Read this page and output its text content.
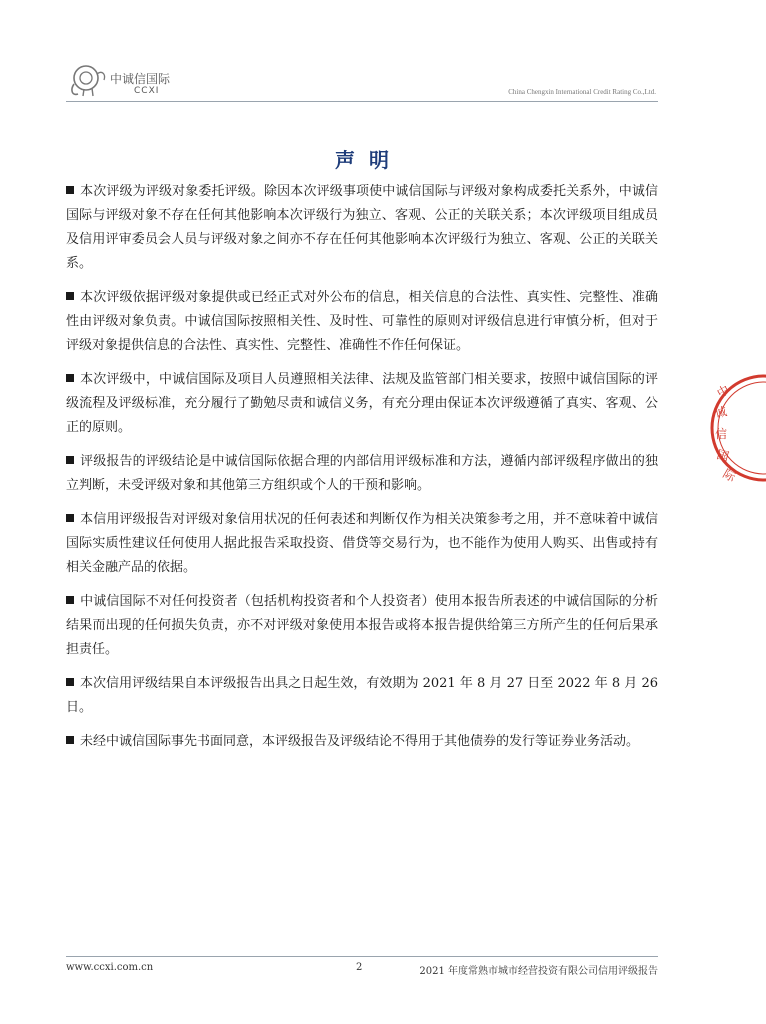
中诚信国际
CCXI	China Chengxin International Credit Rating Co.,Ltd.
声明

本次评级为评级对象委托评级。除因本次评级事项使中诚信国际与评级对象构成委托关系外，中诚信国际与评级对象不存在任何其他影响本次评级行为独立、客观、公正的关联关系；本次评级项目组成员及信用评审委员会人员与评级对象之间亦不存在任何其他影响本次评级行为独立、客观、公正的关联关系。

本次评级依据评级对象提供或已经正式对外公布的信息，相关信息的合法性、真实性、完整性、准确性由评级对象负责。中诚信国际按照相关性、及时性、可靠性的原则对评级信息进行审慎分析，但对于评级对象提供信息的合法性、真实性、完整性、准确性不作任何保证。

本次评级中，中诚信国际及项目人员遵照相关法律、法规及监管部门相关要求，按照中诚信国际的评级流程及评级标准，充分履行了勤勉尽责和诚信义务，有充分理由保证本次评级遵循了真实、客观、公正的原则。

评级报告的评级结论是中诚信国际依据合理的内部信用评级标准和方法，遵循内部评级程序做出的独立判断，未受评级对象和其他第三方组织或个人的干预和影响。

本信用评级报告对评级对象信用状况的任何表述和判断仅作为相关决策参考之用，并不意味着中诚信国际实质性建议任何使用人据此报告采取投资、借贷等交易行为，也不能作为使用人购买、出售或持有相关金融产品的依据。

中诚信国际不对任何投资者（包括机构投资者和个人投资者）使用本报告所表述的中诚信国际的分析结果而出现的任何损失负责，亦不对评级对象使用本报告或将本报告提供给第三方所产生的任何后果承担责任。

本次信用评级结果自本评级报告出具之日起生效，有效期为 2021 年 8 月 27 日至 2022 年 8 月 26 日。

未经中诚信国际事先书面同意，本评级报告及评级结论不得用于其他债券的发行等证券业务活动。

中
诚
信
国
际
www.ccxi.com.cn	2	2021 年度常熟市城市经营投资有限公司信用评级报告
